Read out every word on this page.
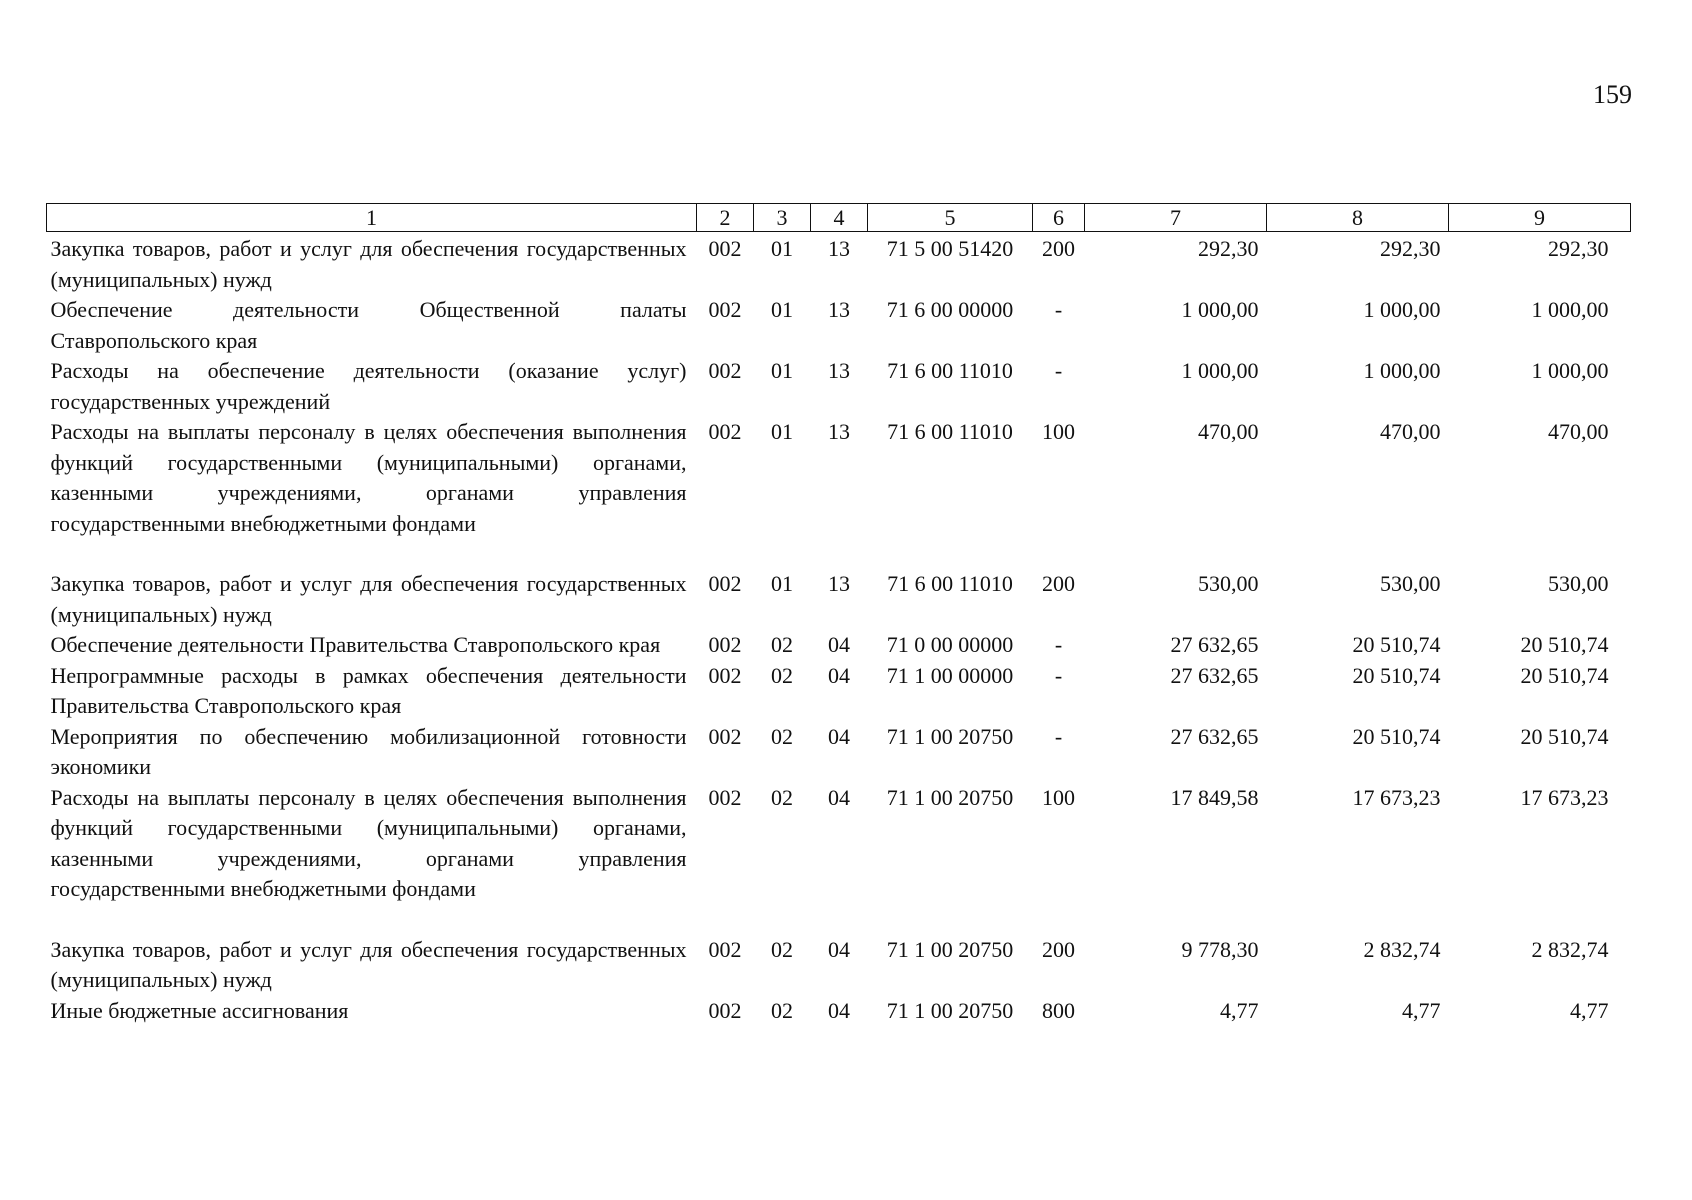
159
1	2	3	4	5	6	7	8	9
Закупка товаров, работ и услуг для обеспечения государственных (муниципальных) нужд	002	01	13	71 5 00 51420	200	292,30	292,30	292,30
Обеспечение деятельности Общественной палаты Ставропольского края	002	01	13	71 6 00 00000	-	1 000,00	1 000,00	1 000,00
Расходы на обеспечение деятельности (оказание услуг) государственных учреждений	002	01	13	71 6 00 11010	-	1 000,00	1 000,00	1 000,00
Расходы на выплаты персоналу в целях обеспечения выполнения функций государственными (муниципальными) органами, казенными учреждениями, органами управления государственными внебюджетными фондами	002	01	13	71 6 00 11010	100	470,00	470,00	470,00
Закупка товаров, работ и услуг для обеспечения государственных (муниципальных) нужд	002	01	13	71 6 00 11010	200	530,00	530,00	530,00
Обеспечение деятельности Правительства Ставропольского края	002	02	04	71 0 00 00000	-	27 632,65	20 510,74	20 510,74
Непрограммные расходы в рамках обеспечения деятельности Правительства Ставропольского края	002	02	04	71 1 00 00000	-	27 632,65	20 510,74	20 510,74
Мероприятия по обеспечению мобилизационной готовности экономики	002	02	04	71 1 00 20750	-	27 632,65	20 510,74	20 510,74
Расходы на выплаты персоналу в целях обеспечения выполнения функций государственными (муниципальными) органами, казенными учреждениями, органами управления государственными внебюджетными фондами	002	02	04	71 1 00 20750	100	17 849,58	17 673,23	17 673,23
Закупка товаров, работ и услуг для обеспечения государственных (муниципальных) нужд	002	02	04	71 1 00 20750	200	9 778,30	2 832,74	2 832,74
Иные бюджетные ассигнования	002	02	04	71 1 00 20750	800	4,77	4,77	4,77
